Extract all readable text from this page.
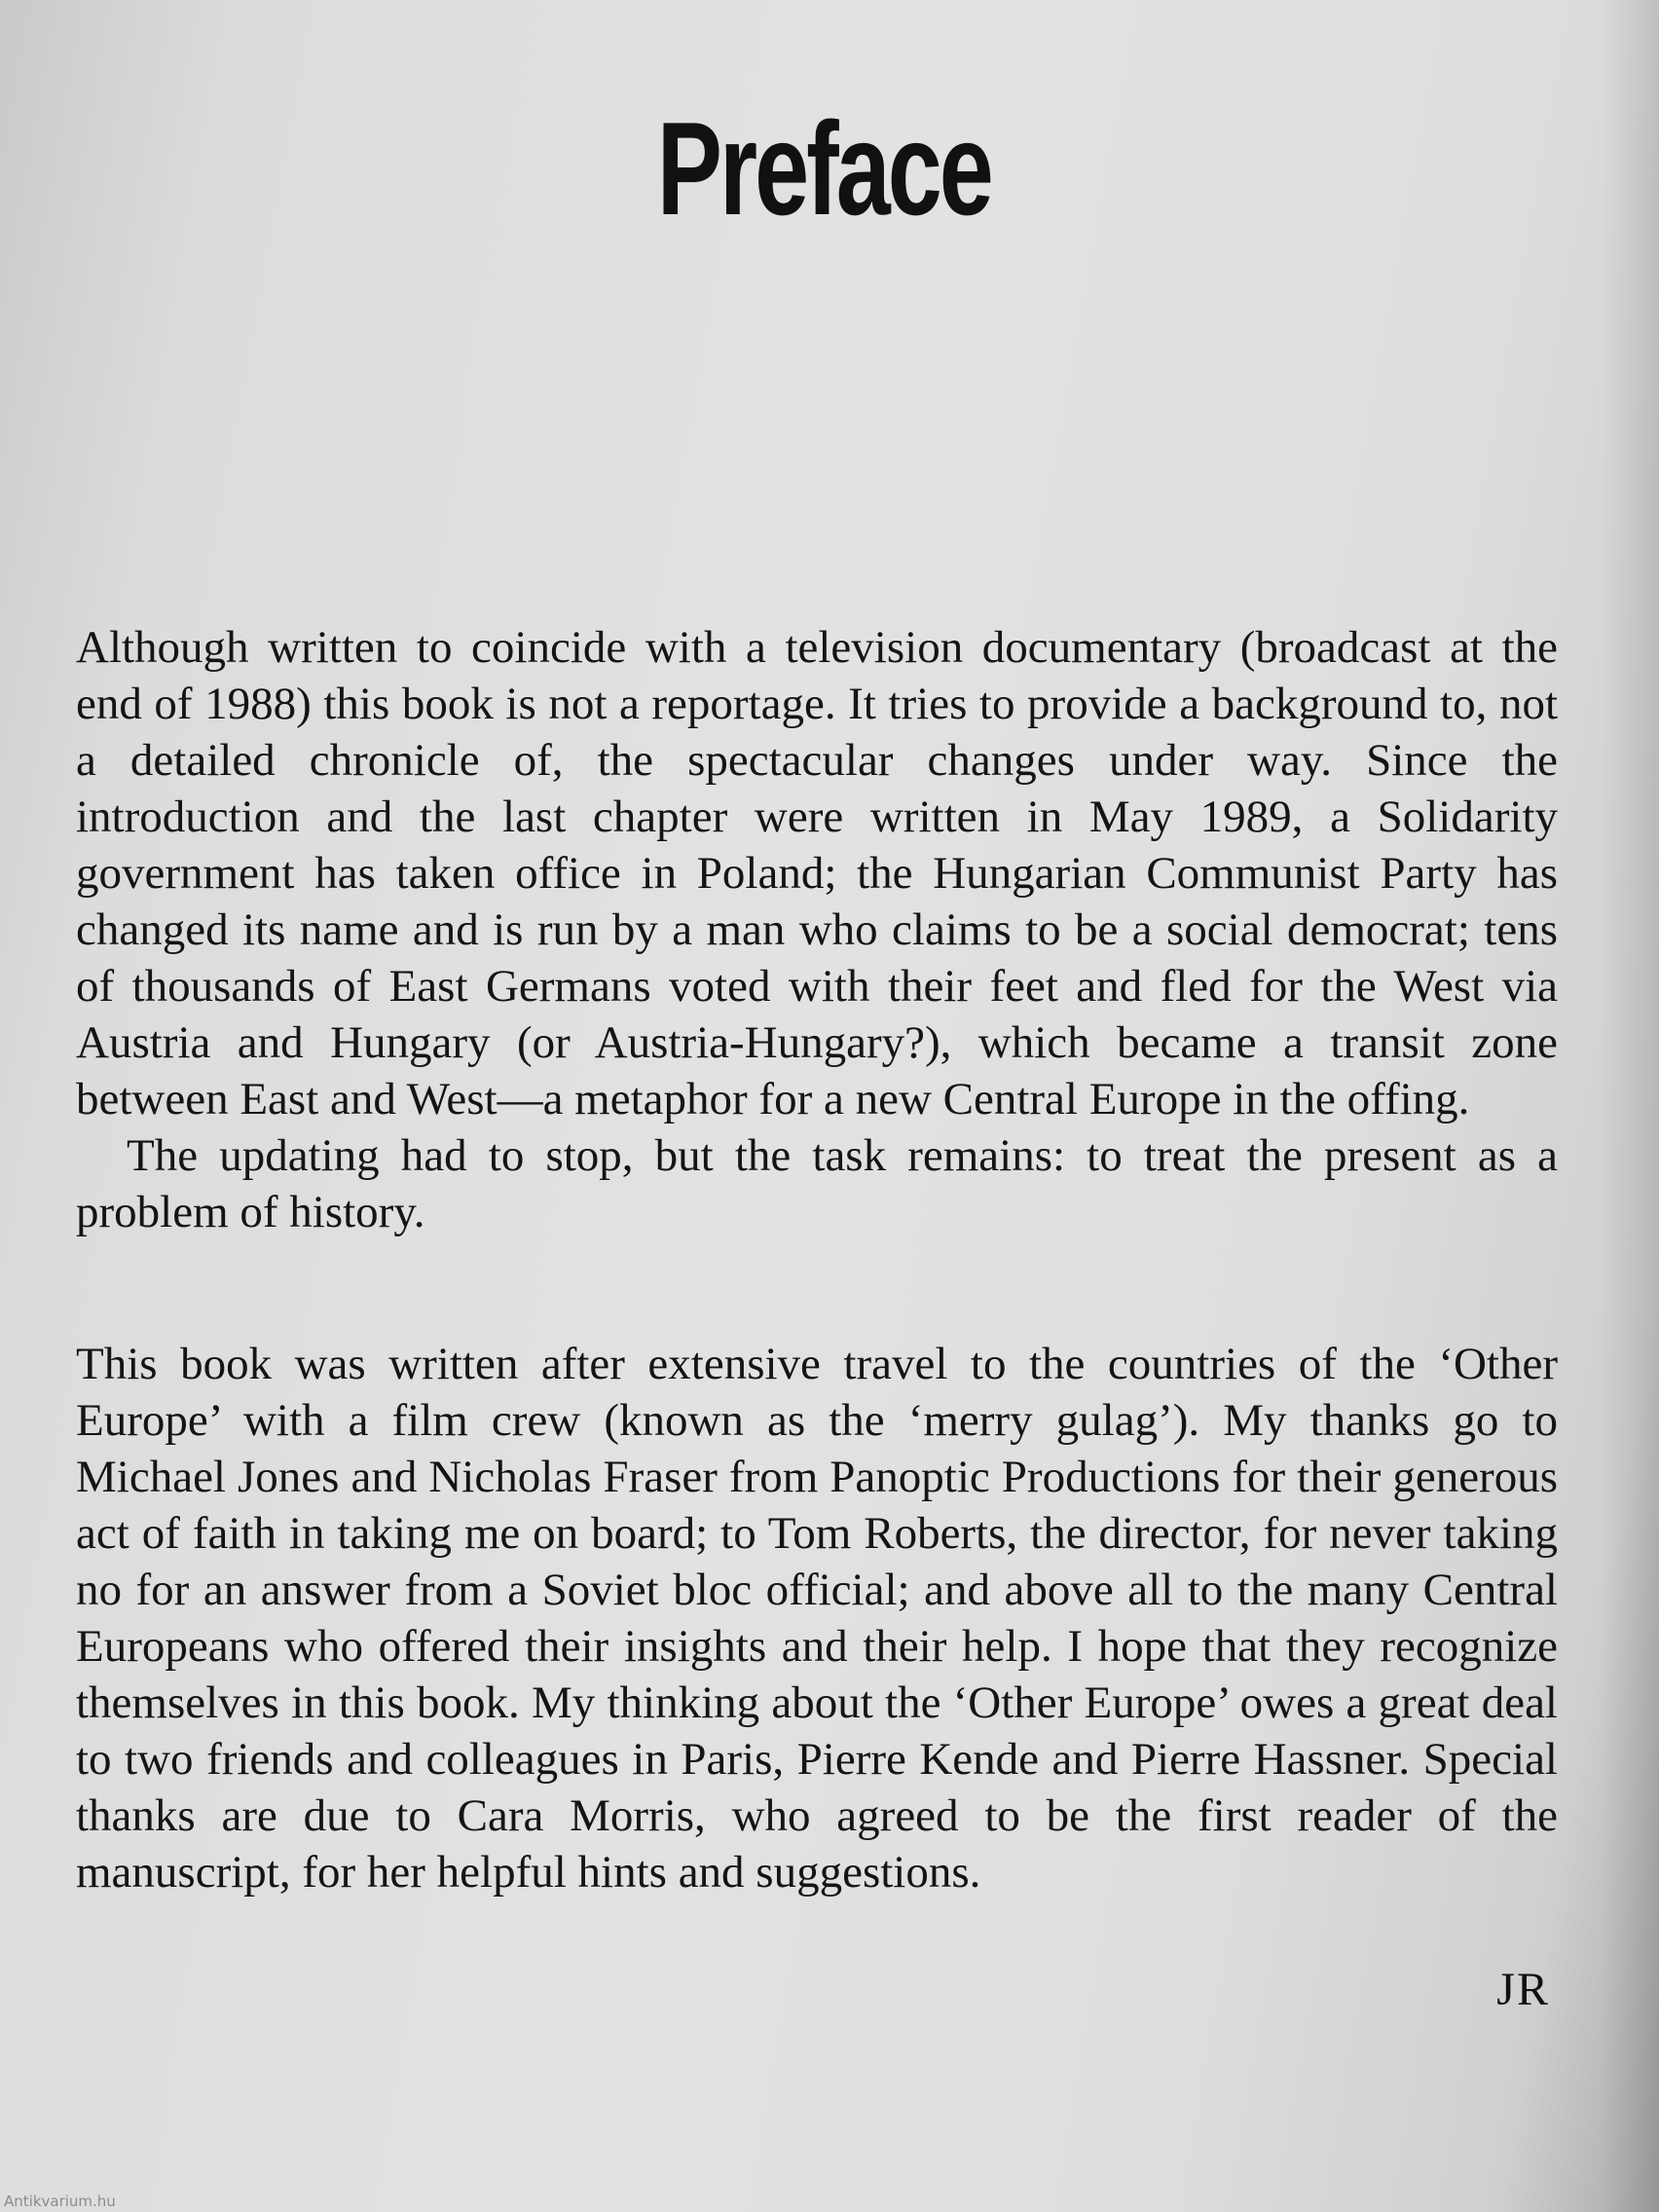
Preface

Although written to coincide with a television documentary (broadcast at the end of 1988) this book is not a reportage. It tries to provide a background to, not a detailed chronicle of, the spectacular changes under way. Since the introduction and the last chapter were written in May 1989, a Solidarity government has taken office in Poland; the Hungarian Communist Party has changed its name and is run by a man who claims to be a social democrat; tens of thousands of East Germans voted with their feet and fled for the West via Austria and Hungary (or Austria-Hungary?), which became a transit zone between East and West—a metaphor for a new Central Europe in the offing.

The updating had to stop, but the task remains: to treat the present as a problem of history.

This book was written after extensive travel to the countries of the ‘Other Europe’ with a film crew (known as the ‘merry gulag’). My thanks go to Michael Jones and Nicholas Fraser from Panoptic Productions for their generous act of faith in taking me on board; to Tom Roberts, the director, for never taking no for an answer from a Soviet bloc official; and above all to the many Central Europeans who offered their insights and their help. I hope that they recognize themselves in this book. My thinking about the ‘Other Europe’ owes a great deal to two friends and colleagues in Paris, Pierre Kende and Pierre Hassner. Special thanks are due to Cara Morris, who agreed to be the first reader of the manuscript, for her helpful hints and suggestions.

JR
Antikvarium.hu
